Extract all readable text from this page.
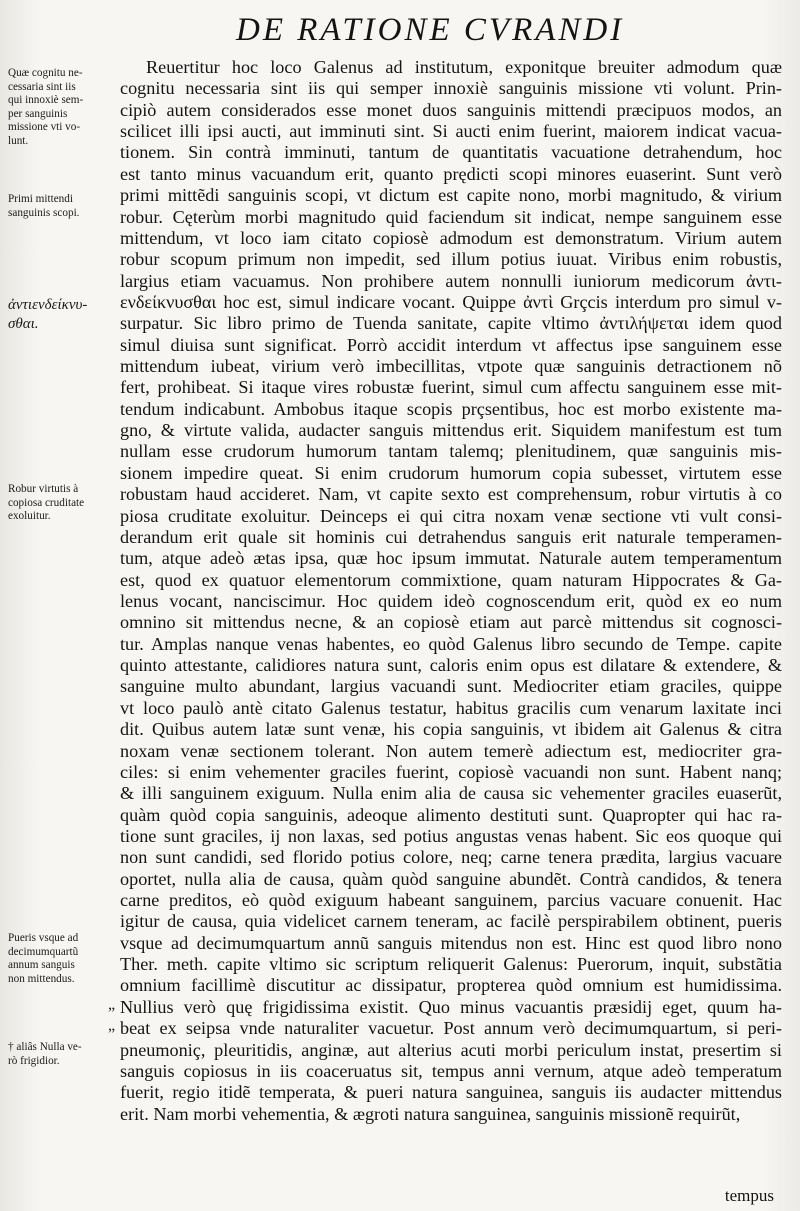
DE RATIONE CVRANDI
Reuertitur hoc loco Galenus ad institutum, exponitque breuiter admodum quæ
cognitu necessaria sint iis qui semper innoxiè sanguinis missione vti volunt. Prin-
cipiò autem considerados esse monet duos sanguinis mittendi præcipuos modos, an
scilicet illi ipsi aucti, aut imminuti sint. Si aucti enim fuerint, maiorem indicat vacua-
tionem. Sin contrà imminuti, tantum de quantitatis vacuatione detrahendum, hoc
est tanto minus vacuandum erit, quanto prędicti scopi minores euaserint. Sunt verò
primi mittẽdi sanguinis scopi, vt dictum est capite nono, morbi magnitudo, & virium
robur. Cęterùm morbi magnitudo quid faciendum sit indicat, nempe sanguinem esse
mittendum, vt loco iam citato copiosè admodum est demonstratum. Virium autem
robur scopum primum non impedit, sed illum potius iuuat. Viribus enim robustis,
largius etiam vacuamus. Non prohibere autem nonnulli iuniorum medicorum ἀντι-
ενδείκνυσθαι hoc est, simul indicare vocant. Quippe ἀντὶ Grçcis interdum pro simul v-
surpatur. Sic libro primo de Tuenda sanitate, capite vltimo ἀντιλήψεται idem quod
simul diuisa sunt significat. Porrò accidit interdum vt affectus ipse sanguinem esse
mittendum iubeat, virium verò imbecillitas, vtpote quæ sanguinis detractionem nõ
fert, prohibeat. Si itaque vires robustæ fuerint, simul cum affectu sanguinem esse mit-
tendum indicabunt. Ambobus itaque scopis prçsentibus, hoc est morbo existente ma-
gno, & virtute valida, audacter sanguis mittendus erit. Siquidem manifestum est tum
nullam esse crudorum humorum tantam talemq; plenitudinem, quæ sanguinis mis-
sionem impedire queat. Si enim crudorum humorum copia subesset, virtutem esse
robustam haud accideret. Nam, vt capite sexto est comprehensum, robur virtutis à co
piosa cruditate exoluitur. Deinceps ei qui citra noxam venæ sectione vti vult consi-
derandum erit quale sit hominis cui detrahendus sanguis erit naturale temperamen-
tum, atque adeò ætas ipsa, quæ hoc ipsum immutat. Naturale autem temperamentum
est, quod ex quatuor elementorum commixtione, quam naturam Hippocrates & Ga-
lenus vocant, nanciscimur. Hoc quidem ideò cognoscendum erit, quòd ex eo num
omnino sit mittendus necne, & an copiosè etiam aut parcè mittendus sit cognosci-
tur. Amplas nanque venas habentes, eo quòd Galenus libro secundo de Tempe. capite
quinto attestante, calidiores natura sunt, caloris enim opus est dilatare & extendere, &
sanguine multo abundant, largius vacuandi sunt. Mediocriter etiam graciles, quippe
vt loco paulò antè citato Galenus testatur, habitus gracilis cum venarum laxitate inci
dit. Quibus autem latæ sunt venæ, his copia sanguinis, vt ibidem ait Galenus & citra
noxam venæ sectionem tolerant. Non autem temerè adiectum est, mediocriter gra-
ciles: si enim vehementer graciles fuerint, copiosè vacuandi non sunt. Habent nanq;
& illi sanguinem exiguum. Nulla enim alia de causa sic vehementer graciles euaserũt,
quàm quòd copia sanguinis, adeoque alimento destituti sunt. Quapropter qui hac ra-
tione sunt graciles, ij non laxas, sed potius angustas venas habent. Sic eos quoque qui
non sunt candidi, sed florido potius colore, neq; carne tenera prædita, largius vacuare
oportet, nulla alia de causa, quàm quòd sanguine abundẽt. Contrà candidos, & tenera
carne preditos, eò quòd exiguum habeant sanguinem, parcius vacuare conuenit. Hac
igitur de causa, quia videlicet carnem teneram, ac facilè perspirabilem obtinent, pueris
vsque ad decimumquartum annũ sanguis mitendus non est. Hinc est quod libro nono
Ther. meth. capite vltimo sic scriptum reliquerit Galenus: Puerorum, inquit, substãtia
omnium facillimè discutitur ac dissipatur, propterea quòd omnium est humidissima.
Nullius verò quę frigidissima existit. Quo minus vacuantis præsidij eget, quum ha-
beat ex seipsa vnde naturaliter vacuetur. Post annum verò decimumquartum, si peri-
pneumoniç, pleuritidis, anginæ, aut alterius acuti morbi periculum instat, presertim si
sanguis copiosus in iis coaceruatus sit, tempus anni vernum, atque adeò temperatum
fuerit, regio itidẽ temperata, & pueri natura sanguinea, sanguis iis audacter mittendus
erit. Nam morbi vehementia, & ægroti natura sanguinea, sanguinis missionẽ requirũt,
tempus
Quæ cognitu ne-
cessaria sint iis
qui innoxiè sem-
per sanguinis
missione vti vo-
lunt.
Primi mittendi
sanguinis scopi.
ἀντιενδείκνυ-
σθαι.
Robur virtutis à
copiosa cruditate
exoluitur.
Pueris vsque ad
decimumquartũ
annum sanguis
non mittendus.
„
„
† aliâs Nulla ve-
rò frigidior.
